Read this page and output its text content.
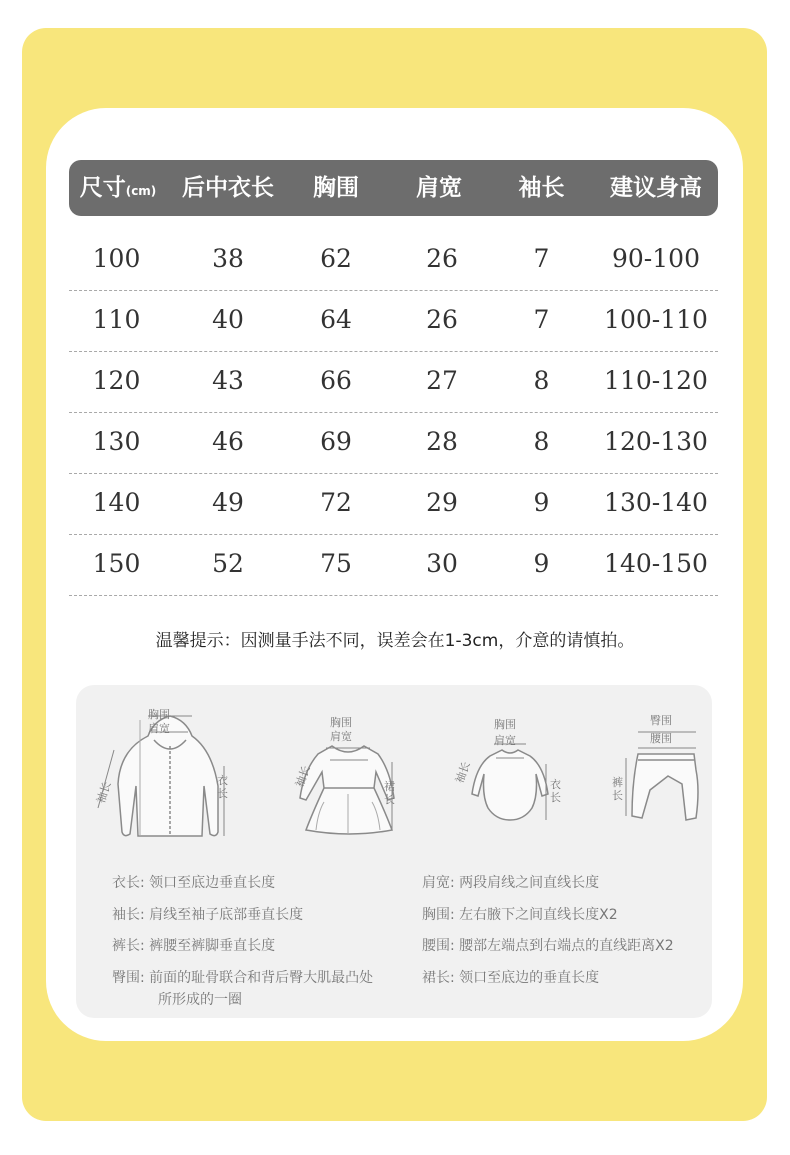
尺寸(cm)	后中衣长	胸围	肩宽	袖长	建议身高
100	38	62	26	7	90-100
110	40	64	26	7	100-110
120	43	66	27	8	110-120
130	46	69	28	8	120-130
140	49	72	29	9	130-140
150	52	75	30	9	140-150
温馨提示：因测量手法不同，误差会在1-3cm，介意的请慎拍。
胸围
肩宽
袖长	衣长
胸围
肩宽
袖长	裙长
胸围
肩宽
袖长	衣长
臀围
腰围
裤长
衣长: 领口至底边垂直长度
袖长: 肩线至袖子底部垂直长度
裤长: 裤腰至裤脚垂直长度
臀围: 前面的耻骨联合和背后臀大肌最凸处
所形成的一圈
肩宽: 两段肩线之间直线长度
胸围: 左右腋下之间直线长度X2
腰围: 腰部左端点到右端点的直线距离X2
裙长: 领口至底边的垂直长度
